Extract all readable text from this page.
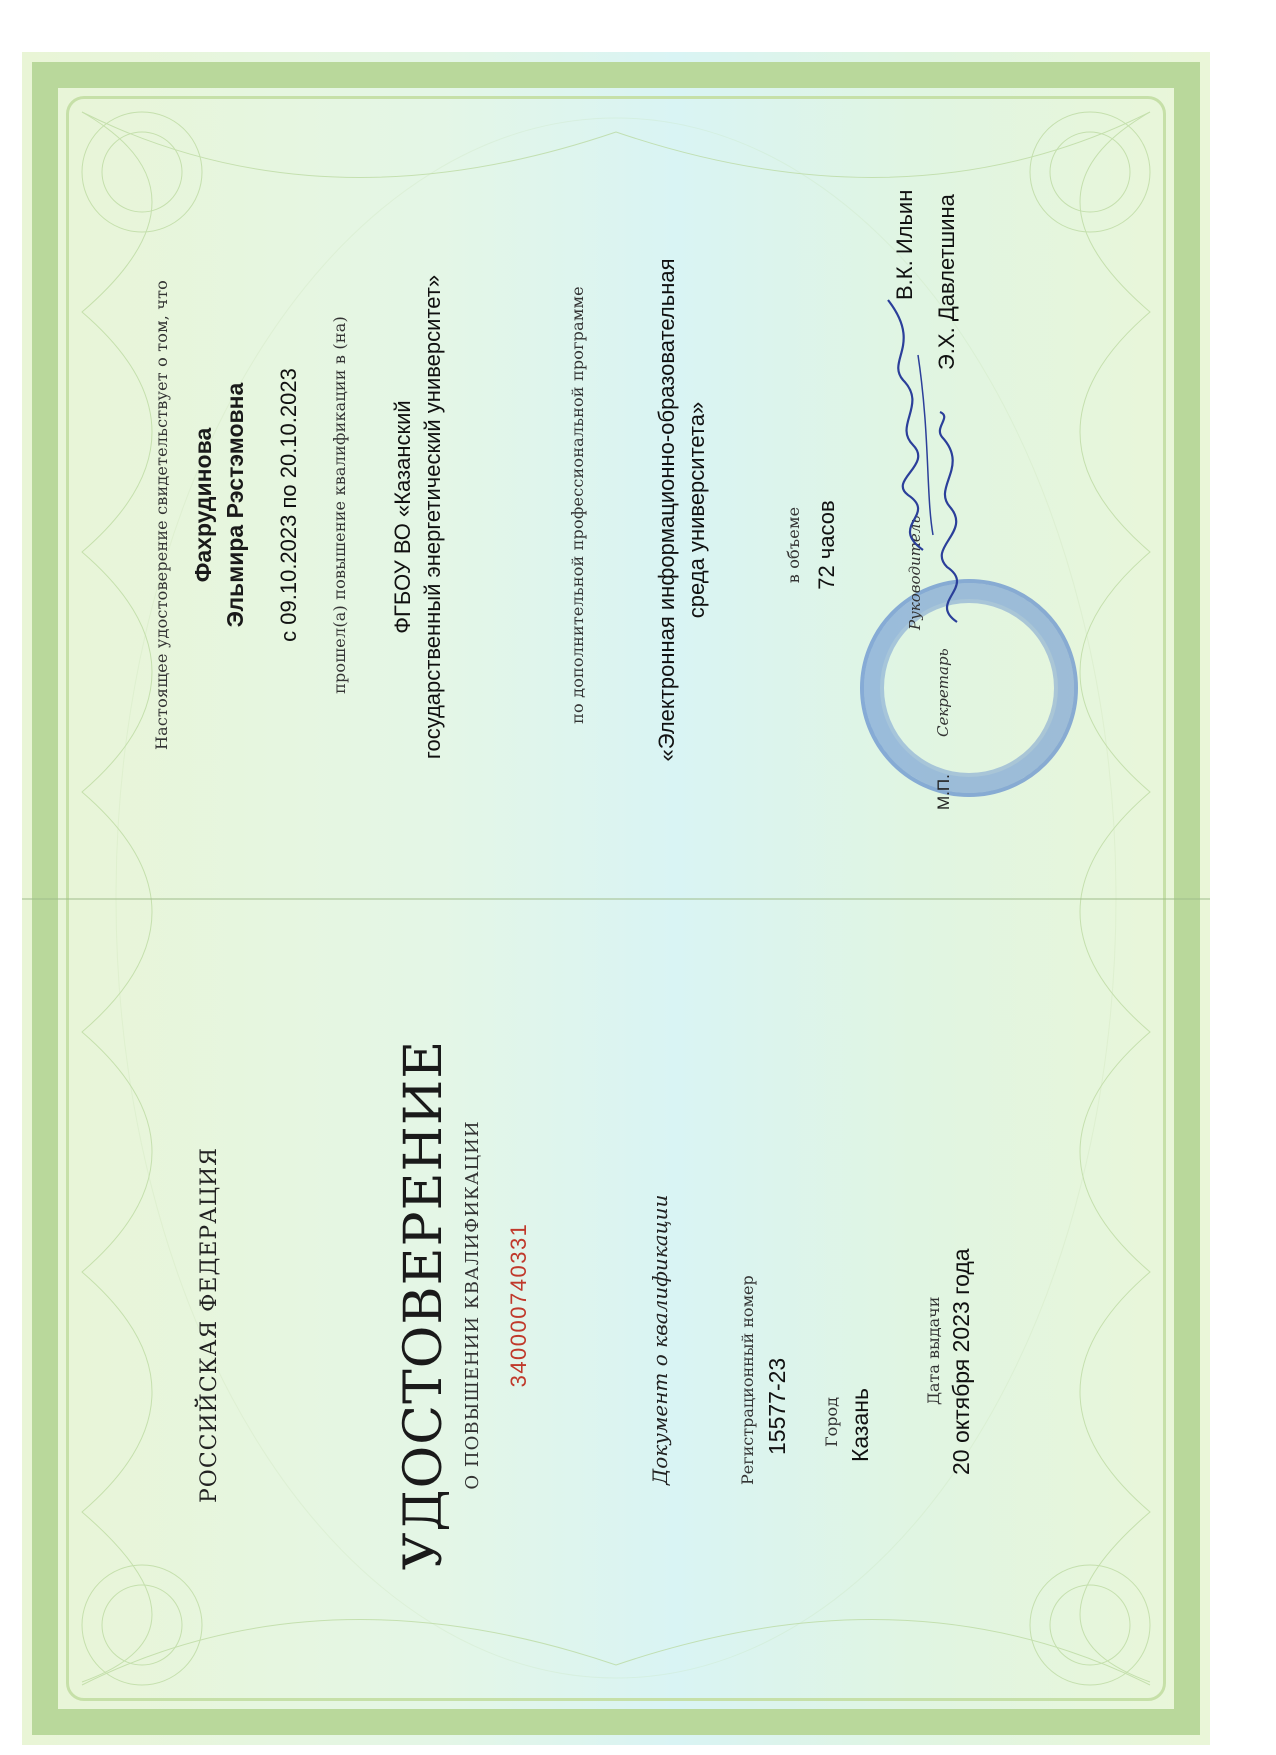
РОССИЙСКАЯ ФЕДЕРАЦИЯ	УДОСТОВЕРЕНИЕ О ПОВЫШЕНИИ КВАЛИФИКАЦИИ 340000740331	Документ о квалификации	Регистрационный номер 15577-23 Город Казань
Дата выдачи 20 октября 2023 года
Настоящее удостоверение свидетельствует о том, что Фахрудинова Эльмира Рэстэмовна с 09.10.2023 по 20.10.2023 прошел(а) повышение квалификации в (на) ФГБОУ ВО «Казанский государственный энергетический университет»	по дополнительной профессиональной программе	«Электронная информационно-образовательная среда университета»	в объеме 72 часов	Руководитель
В.К. Ильин
М.П.
Секретарь
Э.Х. Давлетшина
